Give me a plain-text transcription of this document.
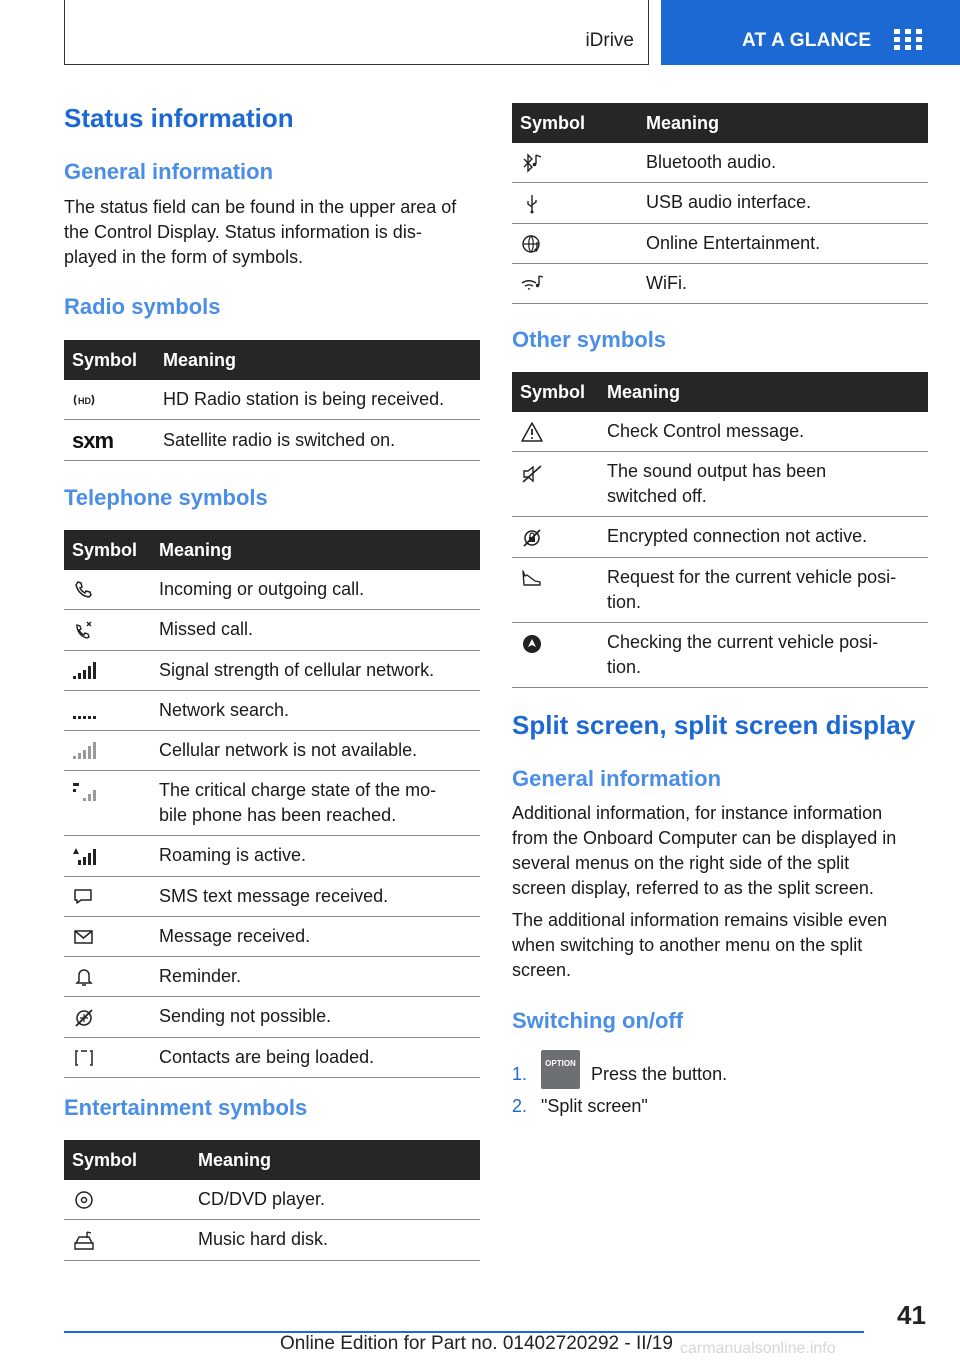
iDrive	AT A GLANCE
Status information
General information
The status field can be found in the upper area of
the Control Display. Status information is dis-
played in the form of symbols.
Radio symbols
Symbol	Meaning

HD	HD Radio station is being received.
sxm	Satellite radio is switched on.
Telephone symbols
Symbol	Meaning

	Incoming or outgoing call.

	Missed call.

	Signal strength of cellular network.

	Network search.

	Cellular network is not available.

The critical charge state of the mo-
bile phone has been reached.

	Roaming is active.

	SMS text message received.

	Message received.

	Reminder.

	Sending not possible.

	Contacts are being loaded.
Entertainment symbols
Symbol	Meaning

	CD/DVD player.

	Music hard disk.
Symbol	Meaning

	Bluetooth audio.

	USB audio interface.

	Online Entertainment.

	WiFi.
Other symbols
Symbol	Meaning

	Check Control message.

The sound output has been
switched off.

	Encrypted connection not active.

Request for the current vehicle posi-
tion.

Checking the current vehicle posi-
tion.
Split screen, split screen display
General information
Additional information, for instance information
from the Onboard Computer can be displayed in
several menus on the right side of the split
screen display, referred to as the split screen.
The additional information remains visible even
when switching to another menu on the split
screen.
Switching on/off
1.
OPTION
Press the button.
2. "Split screen"
41
Online Edition for Part no. 01402720292 - II/19 carmanualsonline.info
